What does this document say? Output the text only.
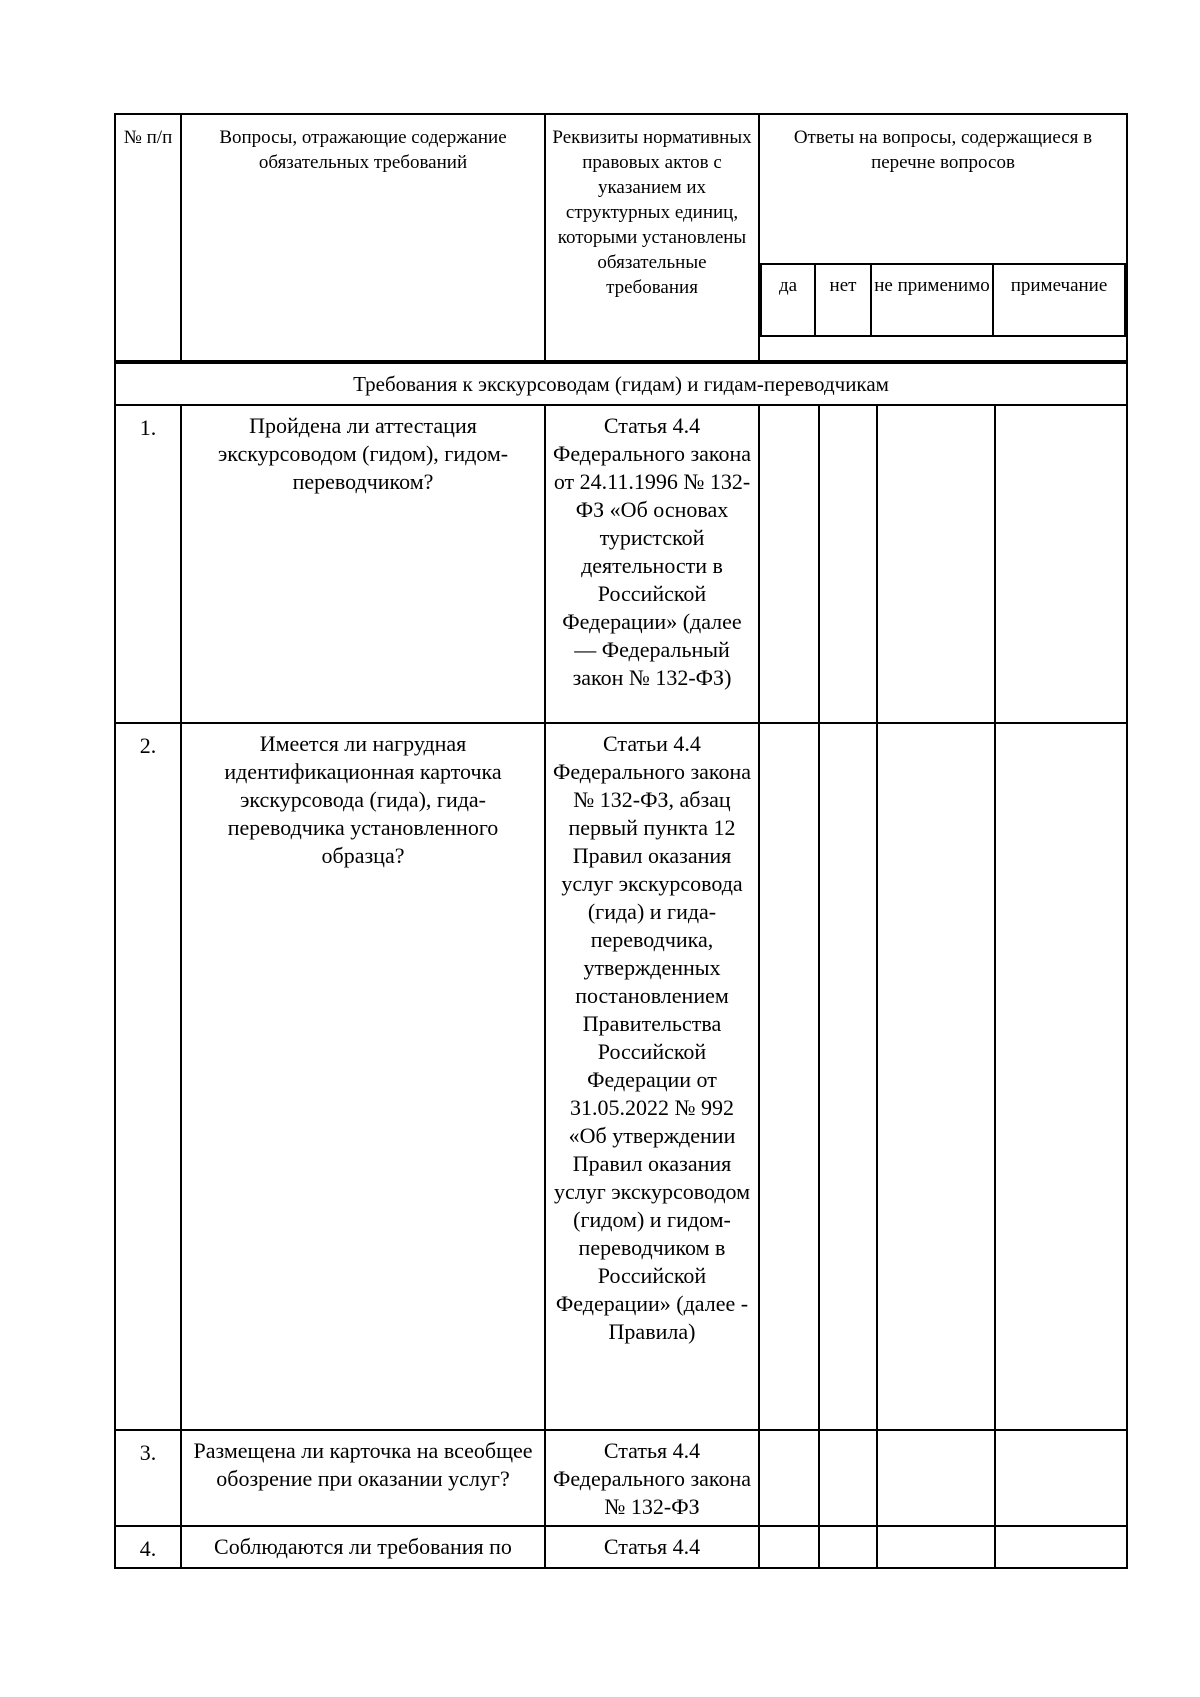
№ п/п	Вопросы, отражающие содержание обязательных требований	Реквизиты нормативных правовых актов с указанием их структурных единиц, которыми установлены обязательные требования	
Ответы на вопросы, содержащиеся в перечне вопросов
да	нет	не применимо	примечание
Требования к экскурсоводам (гидам) и гидам-переводчикам						
1.	Пройдена ли аттестация экскурсоводом (гидом), гидом-переводчиком?	Статья 4.4 Федерального закона от 24.11.1996 № 132-ФЗ «Об основах туристской деятельности в Российской Федерации» (далее — Федеральный закон № 132-ФЗ)				
2.	Имеется ли нагрудная идентификационная карточка экскурсовода (гида), гида-переводчика установленного образца?	Статьи 4.4 Федерального закона № 132-ФЗ, абзац первый пункта 12 Правил оказания услуг экскурсовода (гида) и гида-переводчика, утвержденных постановлением Правительства Российской Федерации от 31.05.2022 № 992 «Об утверждении Правил оказания услуг экскурсоводом (гидом) и гидом-переводчиком в Российской Федерации» (далее - Правила)				
3.	Размещена ли карточка на всеобщее обозрение при оказании услуг?	Статья 4.4 Федерального закона № 132-ФЗ				
4.	Соблюдаются ли требования по	Статья 4.4				
